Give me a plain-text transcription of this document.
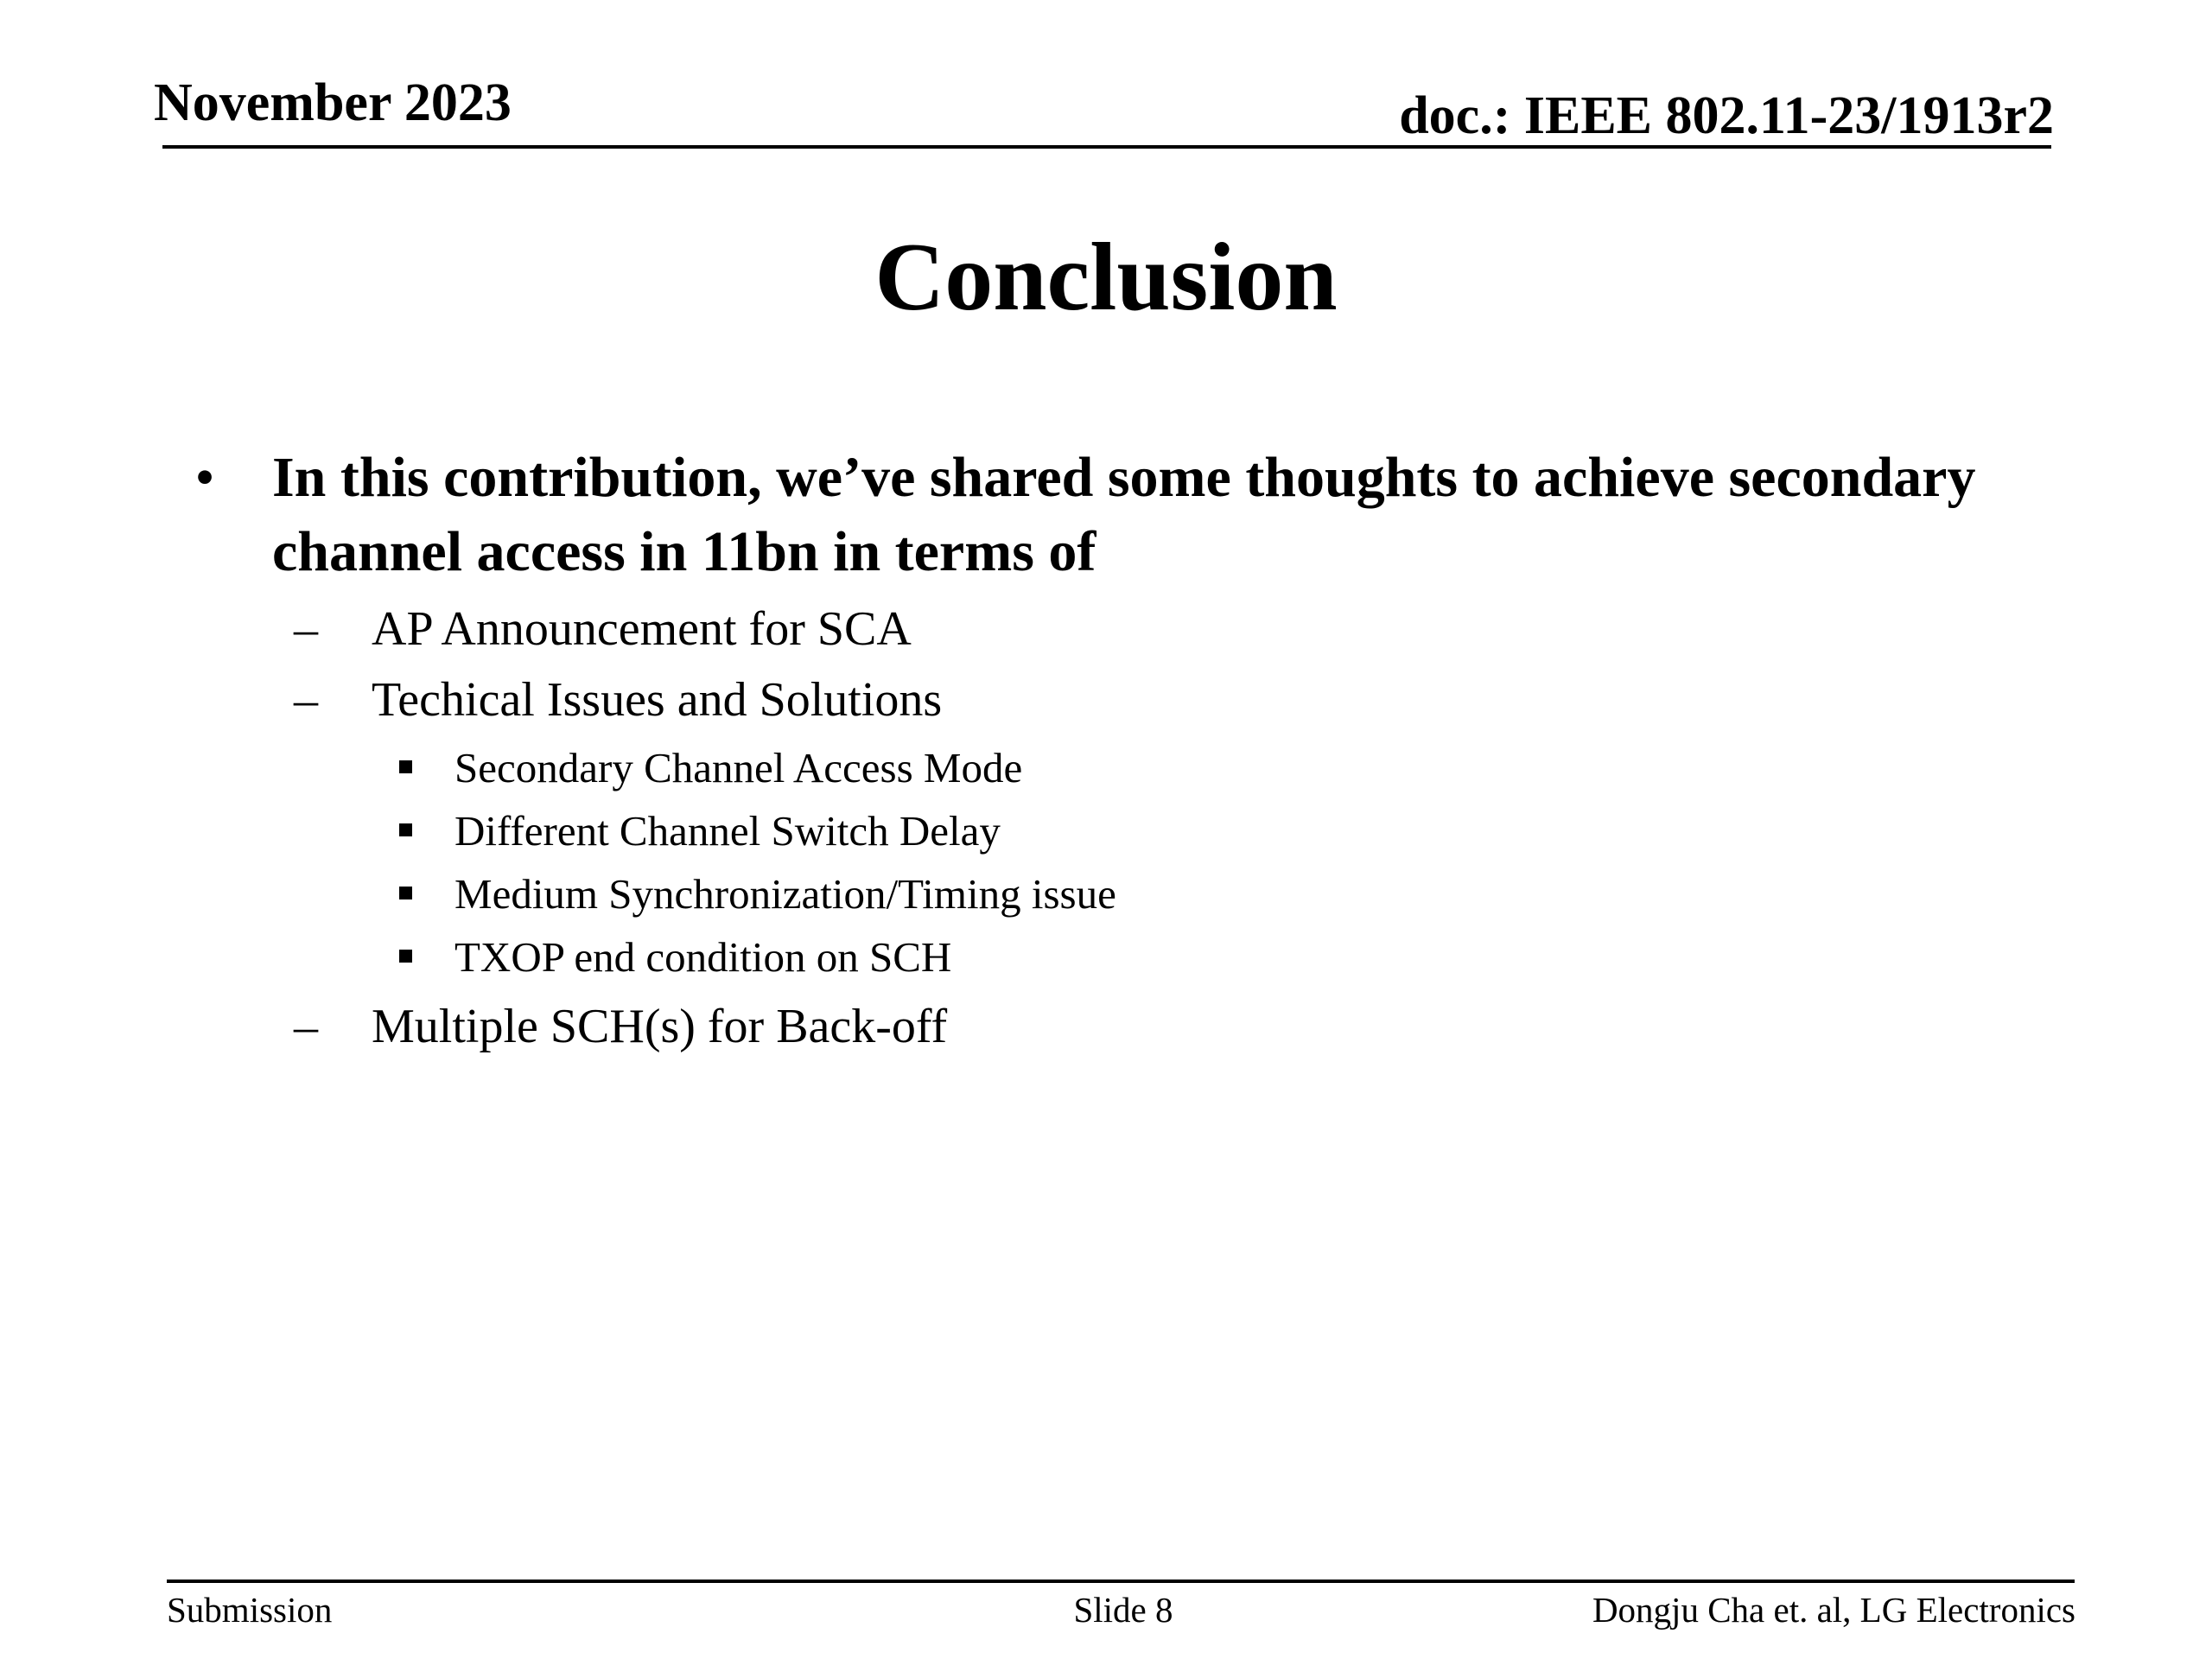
November 2023	doc.: IEEE 802.11-23/1913r2
Conclusion
• In this contribution, we’ve shared some thoughts to achieve secondary channel access in 11bn in terms of
– AP Announcement for SCA
– Techical Issues and Solutions
Secondary Channel Access Mode
Different Channel Switch Delay
Medium Synchronization/Timing issue
TXOP end condition on SCH
– Multiple SCH(s) for Back-off
Submission	Slide 8	Dongju Cha et. al, LG Electronics
